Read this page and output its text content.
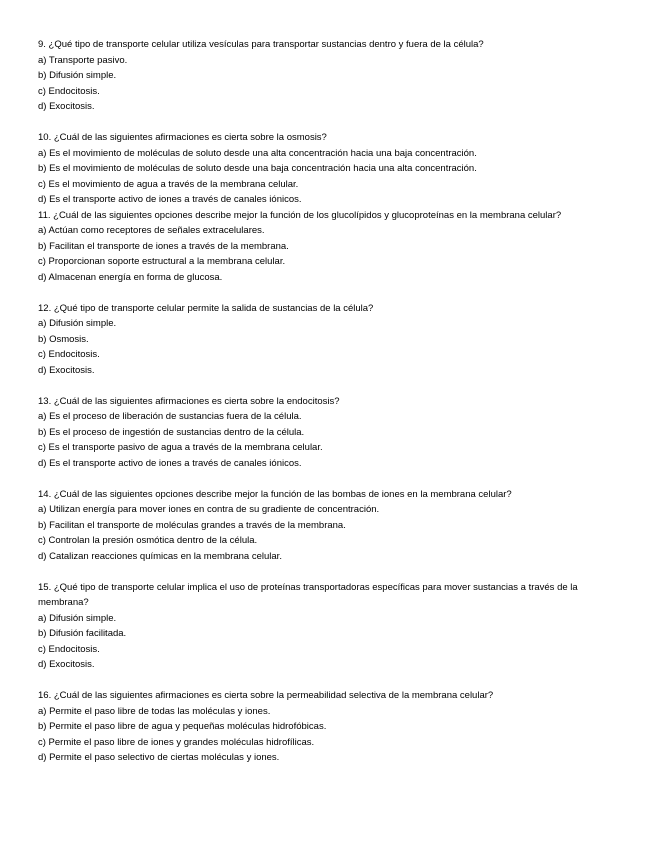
9. ¿Qué tipo de transporte celular utiliza vesículas para transportar sustancias dentro y fuera de la célula?
a) Transporte pasivo.
b) Difusión simple.
c) Endocitosis.
d) Exocitosis.
10. ¿Cuál de las siguientes afirmaciones es cierta sobre la osmosis?
a) Es el movimiento de moléculas de soluto desde una alta concentración hacia una baja concentración.
b) Es el movimiento de moléculas de soluto desde una baja concentración hacia una alta concentración.
c) Es el movimiento de agua a través de la membrana celular.
d) Es el transporte activo de iones a través de canales iónicos.
11. ¿Cuál de las siguientes opciones describe mejor la función de los glucolípidos y glucoproteínas en la membrana celular?
a) Actúan como receptores de señales extracelulares.
b) Facilitan el transporte de iones a través de la membrana.
c) Proporcionan soporte estructural a la membrana celular.
d) Almacenan energía en forma de glucosa.
12. ¿Qué tipo de transporte celular permite la salida de sustancias de la célula?
a) Difusión simple.
b) Osmosis.
c) Endocitosis.
d) Exocitosis.
13. ¿Cuál de las siguientes afirmaciones es cierta sobre la endocitosis?
a) Es el proceso de liberación de sustancias fuera de la célula.
b) Es el proceso de ingestión de sustancias dentro de la célula.
c) Es el transporte pasivo de agua a través de la membrana celular.
d) Es el transporte activo de iones a través de canales iónicos.
14. ¿Cuál de las siguientes opciones describe mejor la función de las bombas de iones en la membrana celular?
a) Utilizan energía para mover iones en contra de su gradiente de concentración.
b) Facilitan el transporte de moléculas grandes a través de la membrana.
c) Controlan la presión osmótica dentro de la célula.
d) Catalizan reacciones químicas en la membrana celular.
15. ¿Qué tipo de transporte celular implica el uso de proteínas transportadoras específicas para mover sustancias a través de la membrana?
a) Difusión simple.
b) Difusión facilitada.
c) Endocitosis.
d) Exocitosis.
16. ¿Cuál de las siguientes afirmaciones es cierta sobre la permeabilidad selectiva de la membrana celular?
a) Permite el paso libre de todas las moléculas y iones.
b) Permite el paso libre de agua y pequeñas moléculas hidrofóbicas.
c) Permite el paso libre de iones y grandes moléculas hidrofílicas.
d) Permite el paso selectivo de ciertas moléculas y iones.
